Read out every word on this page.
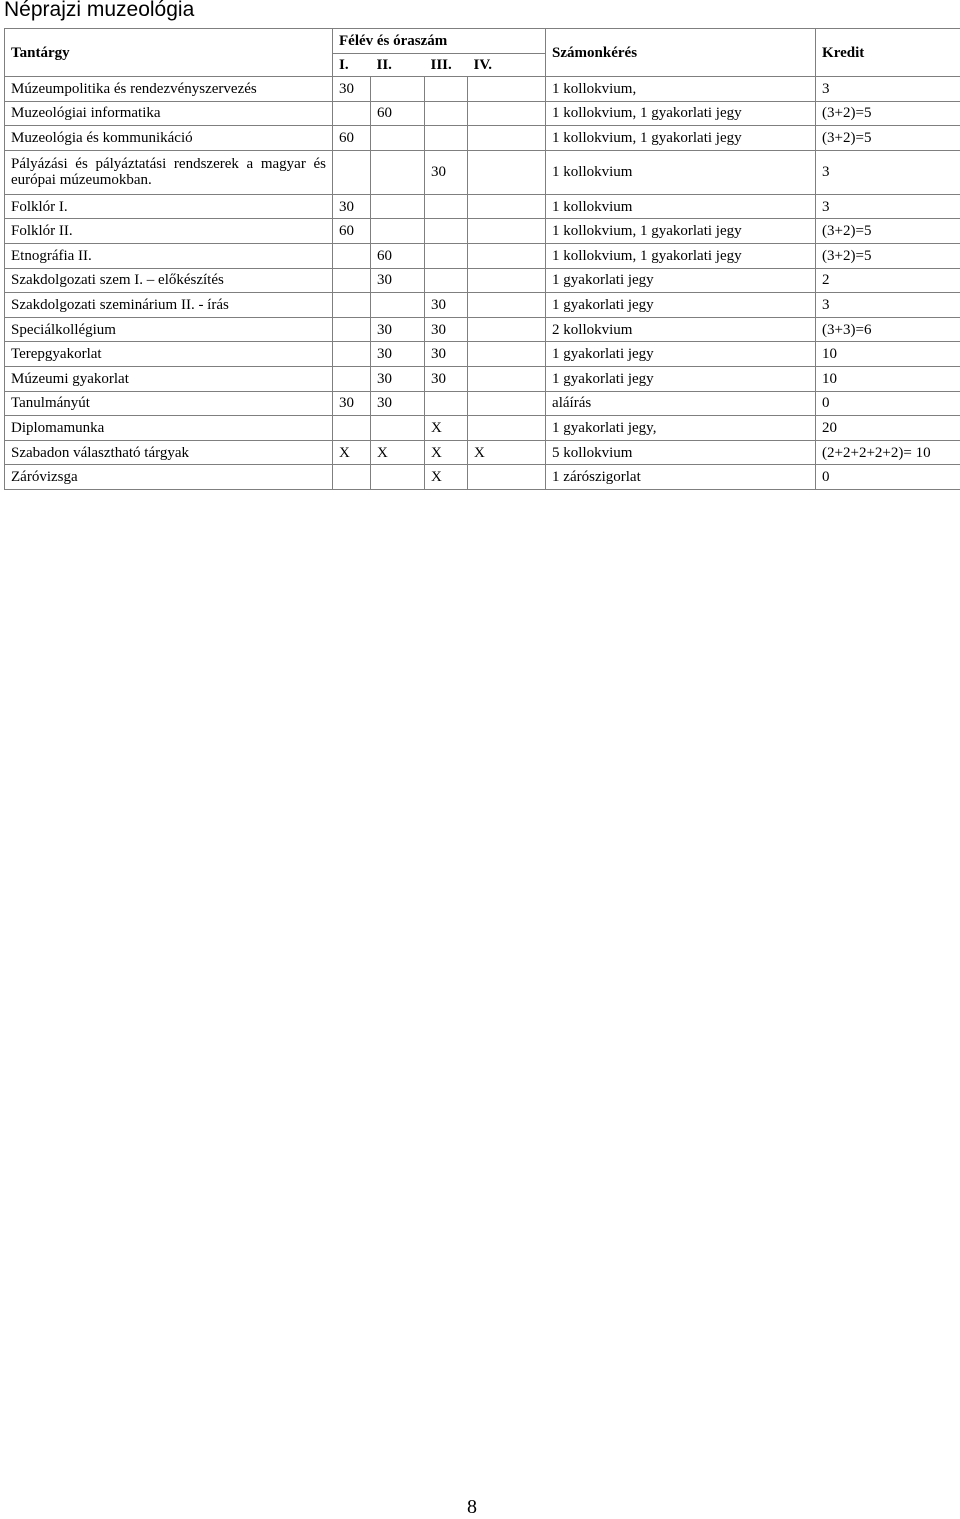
Néprajzi muzeológia
Tantárgy	Félév és óraszám				Számonkérés	Kredit
	I.	II.	III.	IV.		
Múzeumpolitika és rendezvényszervezés	30				1 kollokvium,	3
Muzeológiai informatika		60			1 kollokvium, 1 gyakorlati jegy	(3+2)=5
Muzeológia és kommunikáció	60				1 kollokvium, 1 gyakorlati jegy	(3+2)=5
Pályázási és pályáztatási rendszerek a magyar és európai múzeumokban.			30		1 kollokvium	3
Folklór I.	30				1 kollokvium	3
Folklór II.	60				1 kollokvium, 1 gyakorlati jegy	(3+2)=5
Etnográfia II.		60			1 kollokvium, 1 gyakorlati jegy	(3+2)=5
Szakdolgozati szem I. – előkészítés		30			1 gyakorlati jegy	2
Szakdolgozati szeminárium II. - írás			30		1 gyakorlati jegy	3
Speciálkollégium		30	30		2 kollokvium	(3+3)=6
Terepgyakorlat		30	30		1 gyakorlati jegy	10
Múzeumi gyakorlat		30	30		1 gyakorlati jegy	10
Tanulmányút	30	30			aláírás	0
Diplomamunka			X		1 gyakorlati jegy,	20
Szabadon választható tárgyak	X	X	X	X	5 kollokvium	(2+2+2+2+2)= 10
Záróvizsga			X		1 zárószigorlat	0
8
